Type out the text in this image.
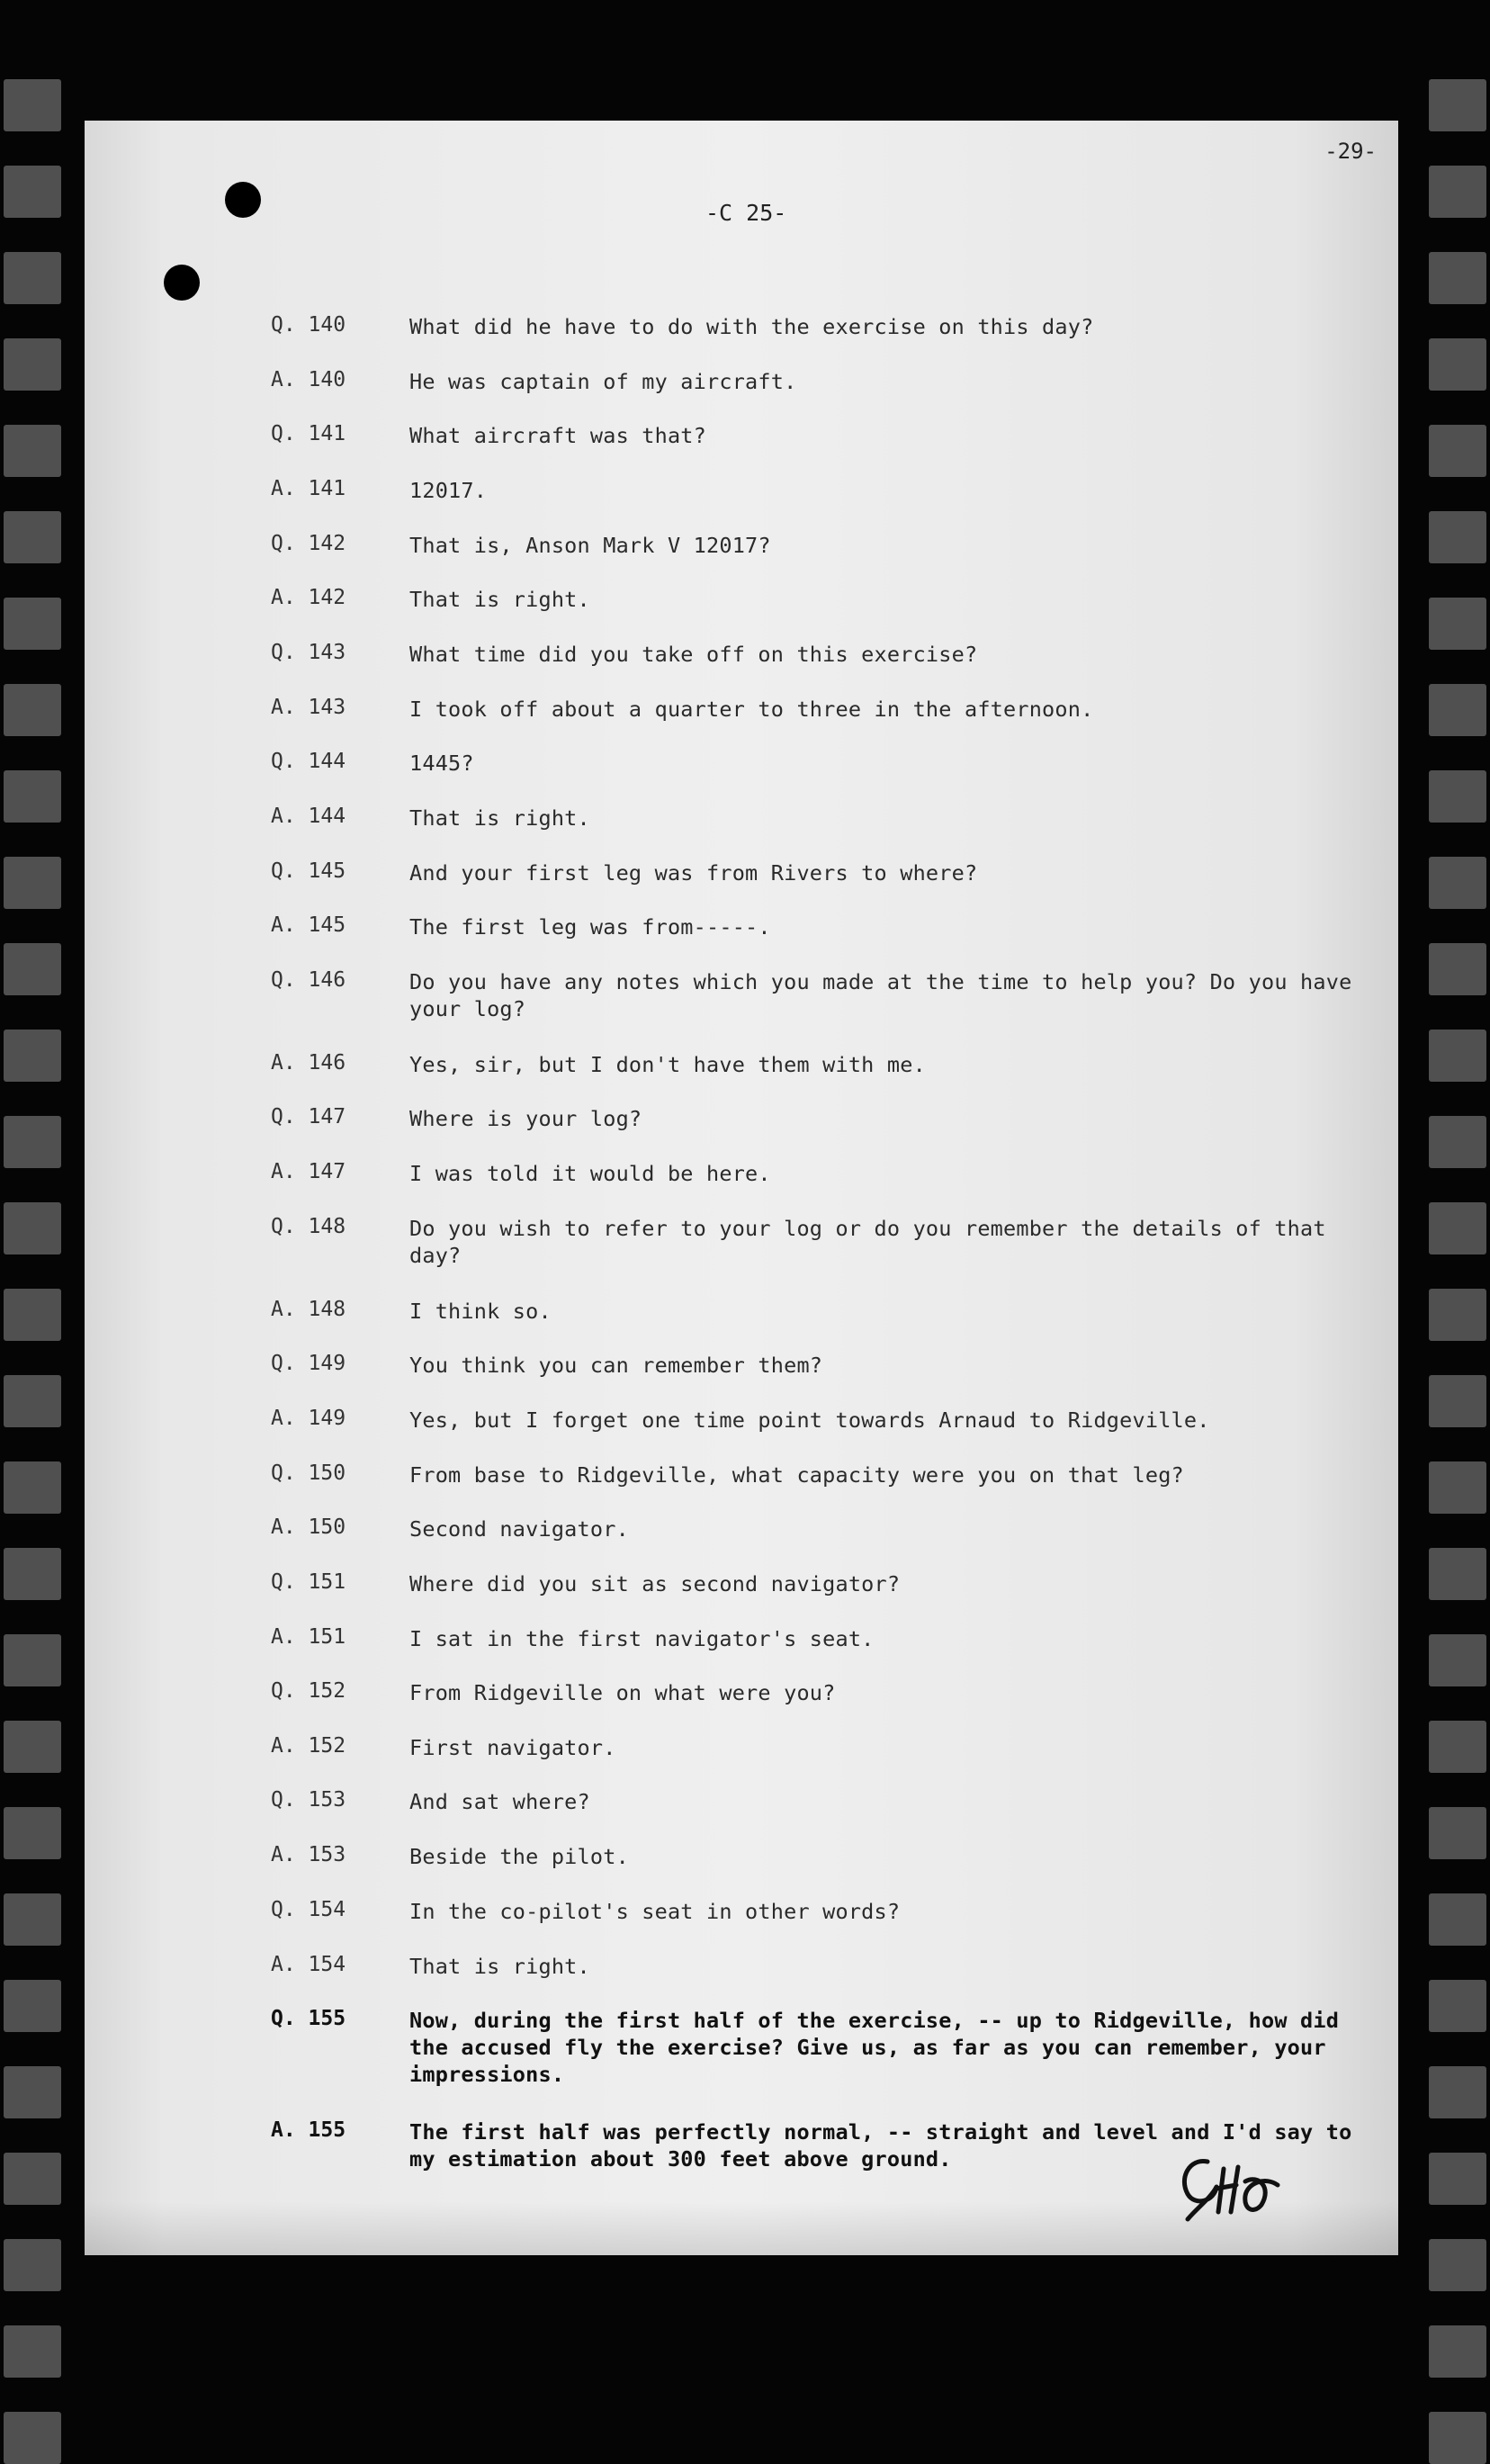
-29-
-C 25-
Q. 140	What did he have to do with the exercise on this day?
A. 140	He was captain of my aircraft.
Q. 141	What aircraft was that?
A. 141	12017.
Q. 142	That is, Anson Mark V 12017?
A. 142	That is right.
Q. 143	What time did you take off on this exercise?
A. 143	I took off about a quarter to three in the afternoon.
Q. 144	1445?
A. 144	That is right.
Q. 145	And your first leg was from Rivers to where?
A. 145	The first leg was from-----.
Q. 146	Do you have any notes which you made at the time to help you? Do you have your log?
A. 146	Yes, sir, but I don't have them with me.
Q. 147	Where is your log?
A. 147	I was told it would be here.
Q. 148	Do you wish to refer to your log or do you remember the details of that day?
A. 148	I think so.
Q. 149	You think you can remember them?
A. 149	Yes, but I forget one time point towards Arnaud to Ridgeville.
Q. 150	From base to Ridgeville, what capacity were you on that leg?
A. 150	Second navigator.
Q. 151	Where did you sit as second navigator?
A. 151	I sat in the first navigator's seat.
Q. 152	From Ridgeville on what were you?
A. 152	First navigator.
Q. 153	And sat where?
A. 153	Beside the pilot.
Q. 154	In the co-pilot's seat in other words?
A. 154	That is right.
Q. 155	Now, during the first half of the exercise, -- up to Ridgeville, how did the accused fly the exercise? Give us, as far as you can remember, your impressions.
A. 155	The first half was perfectly normal, -- straight and level and I'd say to my estimation about 300 feet above ground.
